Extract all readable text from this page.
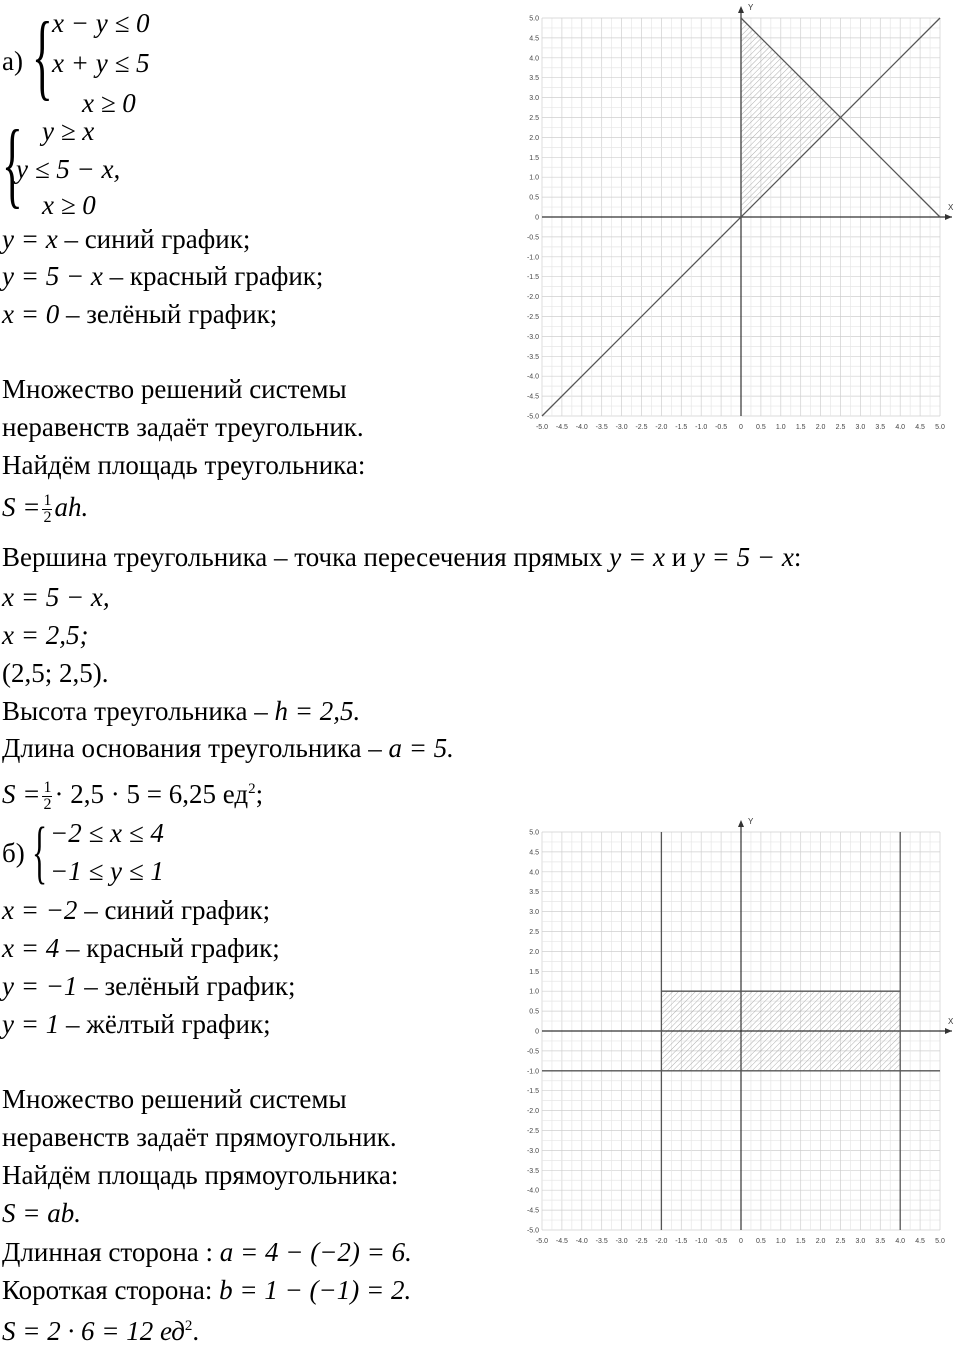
а) { x − y ≤ 0
x + y ≤ 5
x ≥ 0
{ y ≥ x
y ≤ 5 − x,
x ≥ 0
y = x – синий график;
y = 5 − x – красный график;
x = 0 – зелёный график;
Множество решений системы
неравенств задаёт треугольник.
Найдём площадь треугольника:
$S = \frac{1}{2}$ ah.
Вершина треугольника – точка пересечения прямых y = x и y = 5 − x:
x = 5 − x,
x = 2,5;
(2,5; 2,5).
Высота треугольника – h = 2,5.
Длина основания треугольника – a = 5.
$S = \frac{1}{2} \cdot 2,5 \cdot 5 = 6,25$ $ед^2$;
б) { −2 ≤ x ≤ 4
−1 ≤ y ≤ 1
x = −2 – синий график;
x = 4 – красный график;
y = −1 – зелёный график;
y = 1 – жёлтый график;
Множество решений системы
неравенств задаёт прямоугольник.
Найдём площадь прямоугольника:
S = ab.
Длинная сторона : a = 4 − (−2) = 6.
Короткая сторона: b = 1 − (−1) = 2.
S = 2 · 6 = 12 $ед^2$.
X
Y
-5.0
-5.0
-4.5
-4.5
-4.0
-4.0
-3.5
-3.5
-3.0
-3.0
-2.5
-2.5
-2.0
-2.0
-1.5
-1.5
-1.0
-1.0
-0.5
-0.5
0
0
0.5
0.5
1.0
1.0
1.5
1.5
2.0
2.0
2.5
2.5
3.0
3.0
3.5
3.5
4.0
4.0
4.5
4.5
5.0
5.0
X
Y
-5.0
-5.0
-4.5
-4.5
-4.0
-4.0
-3.5
-3.5
-3.0
-3.0
-2.5
-2.5
-2.0
-2.0
-1.5
-1.5
-1.0
-1.0
-0.5
-0.5
0
0
0.5
0.5
1.0
1.0
1.5
1.5
2.0
2.0
2.5
2.5
3.0
3.0
3.5
3.5
4.0
4.0
4.5
4.5
5.0
5.0
